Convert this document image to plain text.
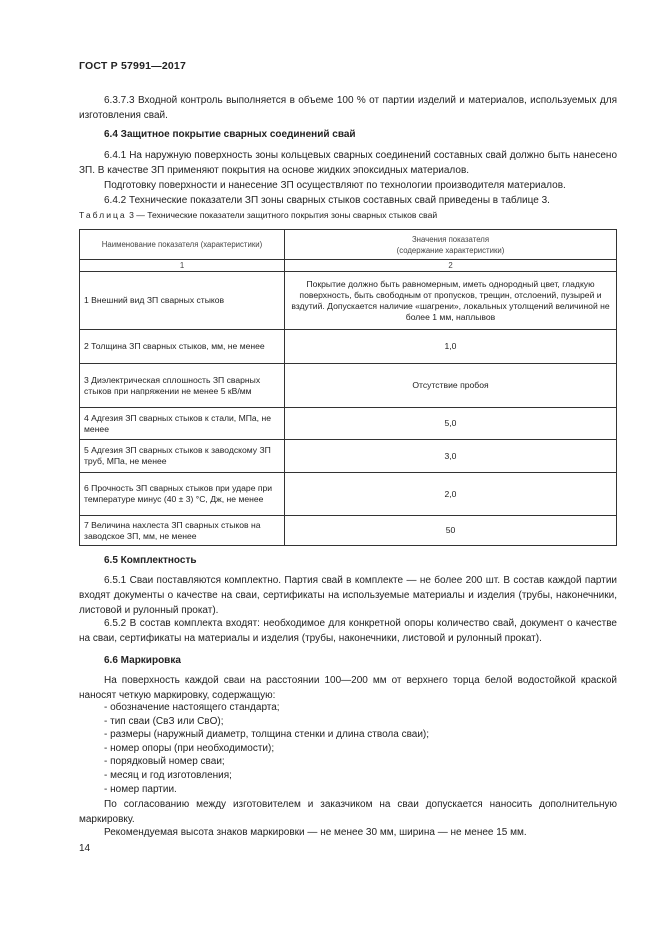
ГОСТ Р 57991—2017
6.3.7.3 Входной контроль выполняется в объеме 100 % от партии изделий и материалов, используемых для изготовления свай.
6.4 Защитное покрытие сварных соединений свай
6.4.1 На наружную поверхность зоны кольцевых сварных соединений составных свай должно быть нанесено ЗП. В качестве ЗП применяют покрытия на основе жидких эпоксидных материалов.
Подготовку поверхности и нанесение ЗП осуществляют по технологии производителя материалов.
6.4.2 Технические показатели ЗП зоны сварных стыков составных свай приведены в таблице 3.
Таблица 3 — Технические показатели защитного покрытия зоны сварных стыков свай
Наименование показателя (характеристики)	Значения показателя
(содержание характеристики)

1	2
1 Внешний вид ЗП сварных стыков	Покрытие должно быть равномерным, иметь однородный цвет, гладкую поверхность, быть свободным от пропусков, трещин, отслоений, пузырей и вздутий. Допускается наличие «шагрени», локальных утолщений величиной не более 1 мм, наплывов
2 Толщина ЗП сварных стыков, мм, не менее	1,0
3 Диэлектрическая сплошность ЗП сварных стыков при напряжении не менее 5 кВ/мм	Отсутствие пробоя
4 Адгезия ЗП сварных стыков к стали, МПа, не менее	5,0
5 Адгезия ЗП сварных стыков к заводскому ЗП труб, МПа, не менее	3,0
6 Прочность ЗП сварных стыков при ударе при температуре минус (40 ± 3) °С, Дж, не менее	2,0
7 Величина нахлеста ЗП сварных стыков на заводское ЗП, мм, не менее	50
6.5 Комплектность
6.5.1 Сваи поставляются комплектно. Партия свай в комплекте — не более 200 шт. В состав каждой партии входят документы о качестве на сваи, сертификаты на используемые материалы и изделия (трубы, наконечники, листовой и рулонный прокат).
6.5.2 В состав комплекта входят: необходимое для конкретной опоры количество свай, документ о качестве на сваи, сертификаты на материалы и изделия (трубы, наконечники, листовой и рулонный прокат).
6.6 Маркировка
На поверхность каждой сваи на расстоянии 100—200 мм от верхнего торца белой водостойкой краской наносят четкую маркировку, содержащую:
- обозначение настоящего стандарта;
- тип сваи (СвЗ или СвО);
- размеры (наружный диаметр, толщина стенки и длина ствола сваи);
- номер опоры (при необходимости);
- порядковый номер сваи;
- месяц и год изготовления;
- номер партии.
По согласованию между изготовителем и заказчиком на сваи допускается наносить дополнительную маркировку.
Рекомендуемая высота знаков маркировки — не менее 30 мм, ширина — не менее 15 мм.
14
